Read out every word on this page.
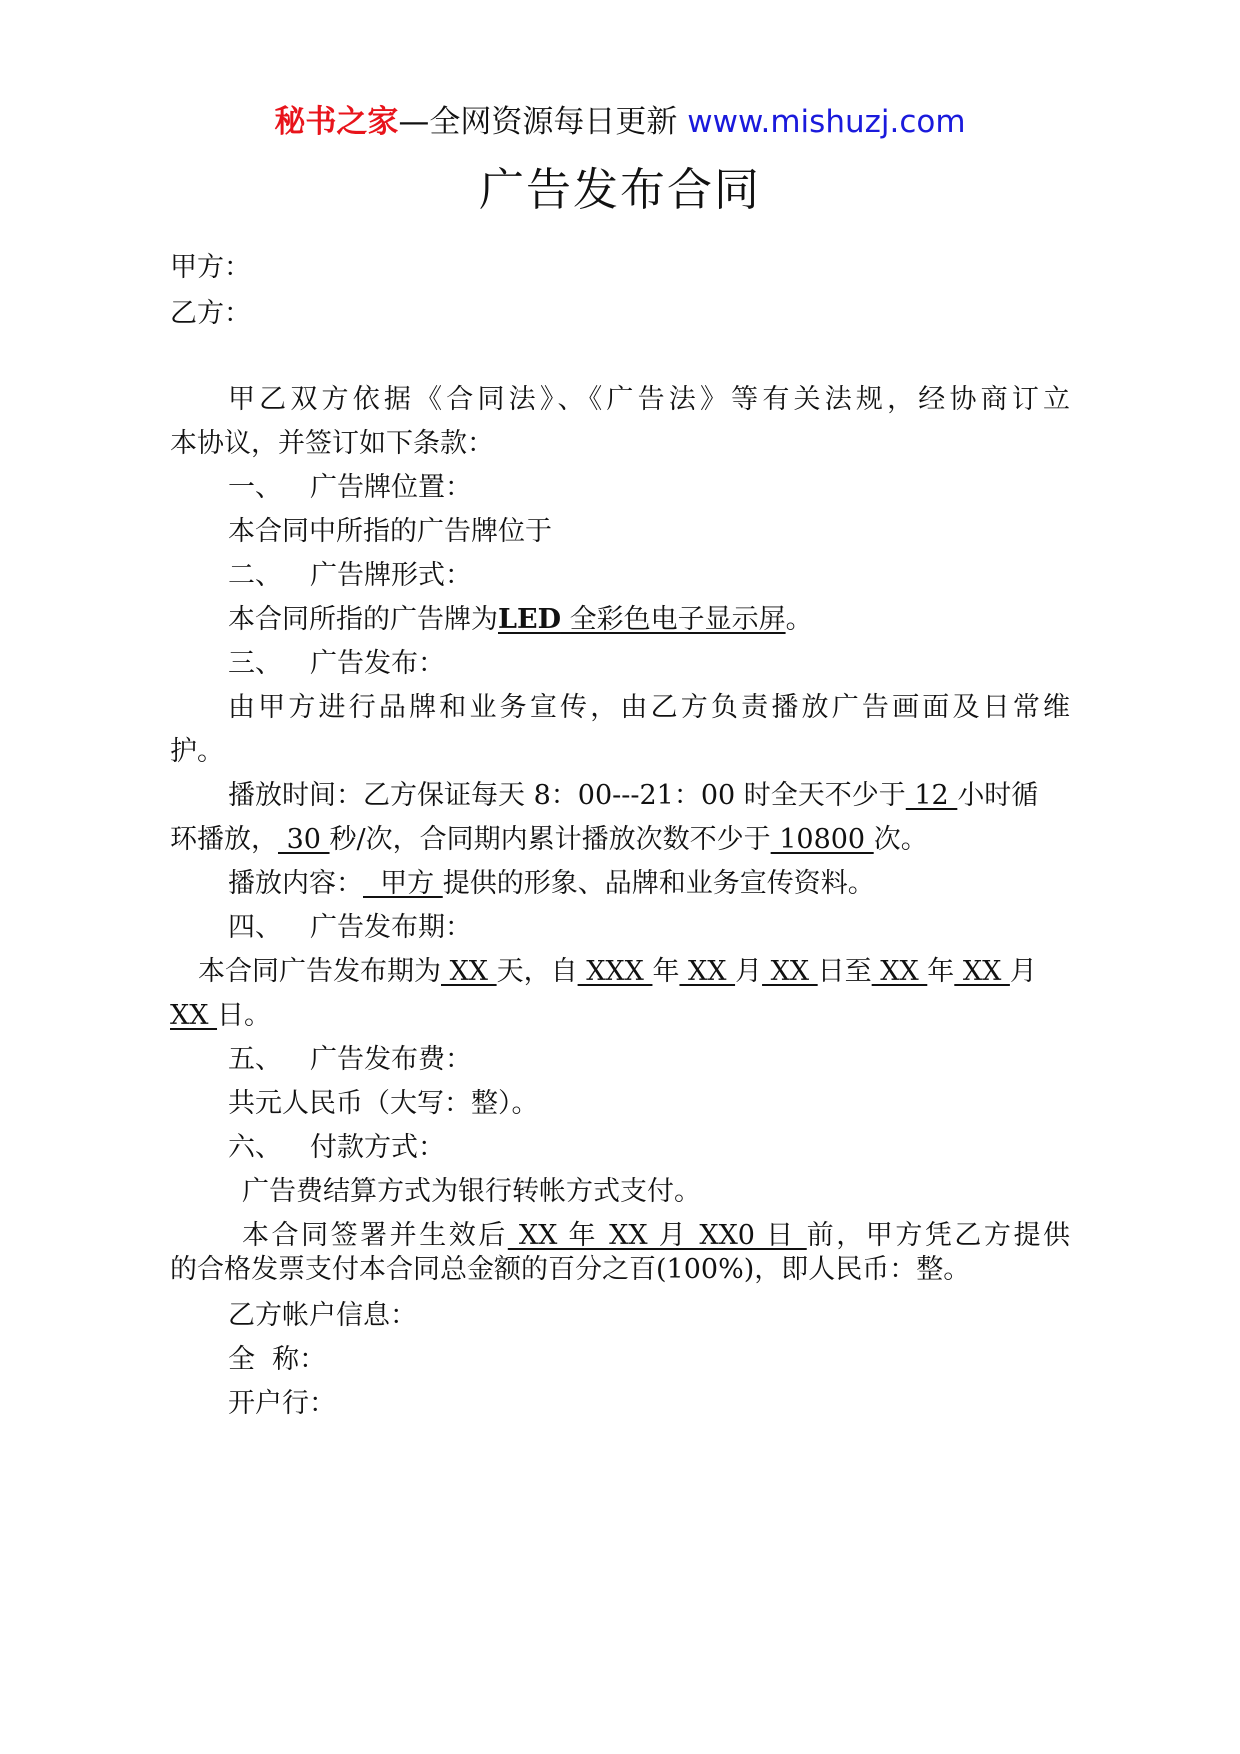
秘书之家—全网资源每日更新 www.mishuzj.com
广告发布合同
甲方：
乙方：
甲乙双方依据《合同法》、《广告法》等有关法规，经协商订立
本协议，并签订如下条款：
一、 广告牌位置：
本合同中所指的广告牌位于
二、 广告牌形式：
本合同所指的广告牌为LED 全彩色电子显示屏。
三、 广告发布：
由甲方进行品牌和业务宣传，由乙方负责播放广告画面及日常维
护。
播放时间：乙方保证每天 8：00---21：00 时全天不少于 12 小时循
环播放， 30 秒/次，合同期内累计播放次数不少于 10800 次。
播放内容：  甲方 提供的形象、品牌和业务宣传资料。
四、 广告发布期：
本合同广告发布期为 XX 天，自 XXX 年 XX 月 XX 日至 XX 年 XX 月
XX 日。
五、 广告发布费：
共元人民币（大写：整）。
六、 付款方式：
广告费结算方式为银行转帐方式支付。
本合同签署并生效后 XX 年 XX 月 XX0 日 前，甲方凭乙方提供
的合格发票支付本合同总金额的百分之百(100%)，即人民币：整。
乙方帐户信息：
全  称：
开户行：
